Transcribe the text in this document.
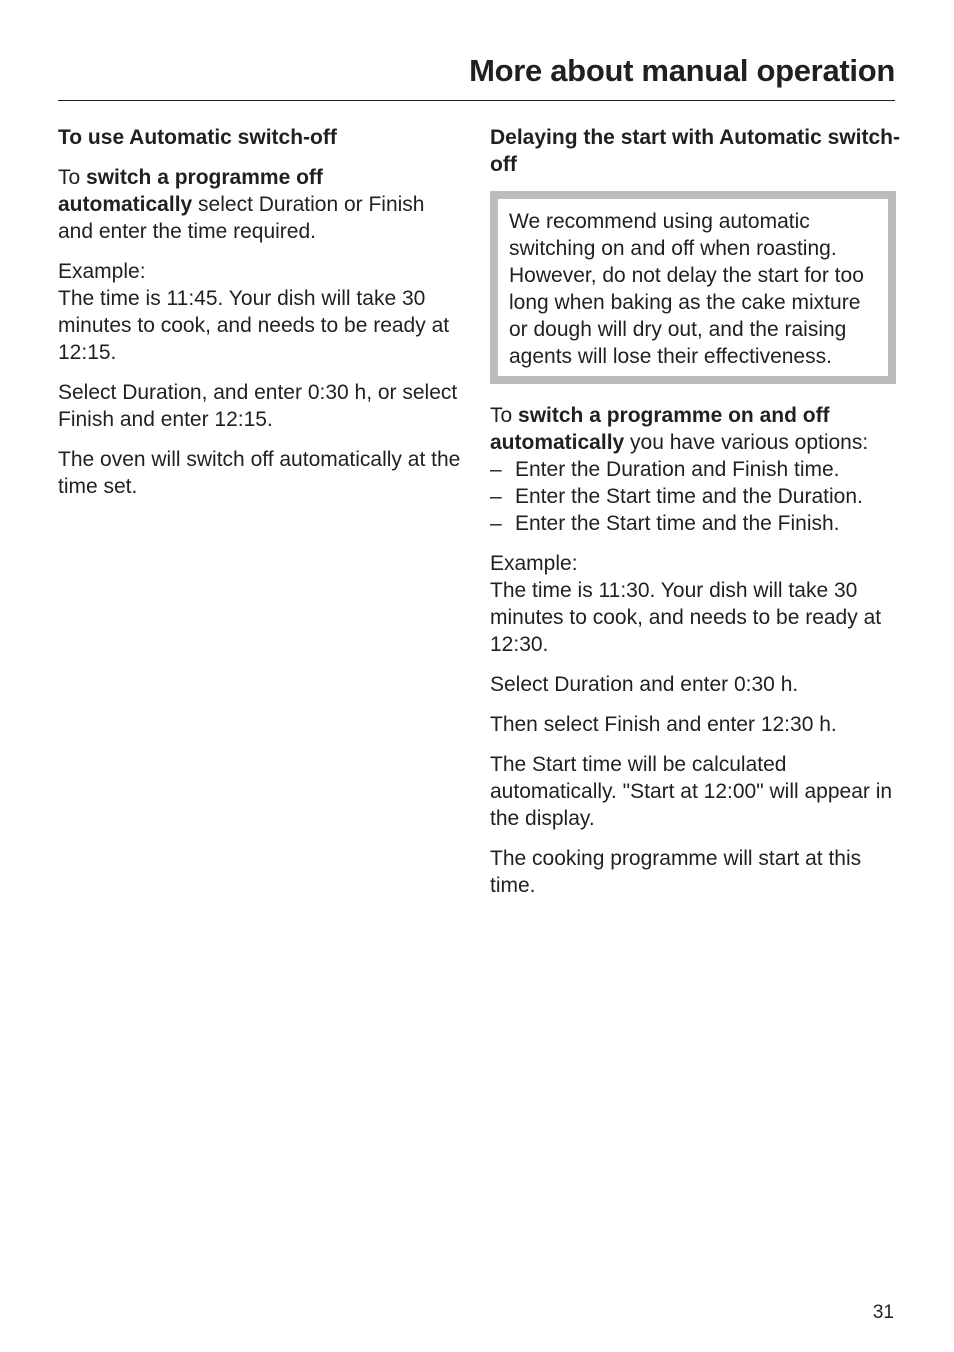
More about manual operation
To use Automatic switch-off

To switch a programme off automatically select Duration or Finish and enter the time required.

Example:
The time is 11:45. Your dish will take 30 minutes to cook, and needs to be ready at 12:15.

Select Duration, and enter 0:30 h, or select Finish and enter 12:15.

The oven will switch off automatically at the time set.

Delaying the start with Automatic switch-off

We recommend using automatic switching on and off when roasting. However, do not delay the start for too long when baking as the cake mixture or dough will dry out, and the raising agents will lose their effectiveness.

To switch a programme on and off automatically you have various options:

– Enter the Duration and Finish time.
– Enter the Start time and the Duration.
– Enter the Start time and the Finish.

Example:
The time is 11:30. Your dish will take 30 minutes to cook, and needs to be ready at 12:30.

Select Duration and enter 0:30 h.

Then select Finish and enter 12:30 h.

The Start time will be calculated automatically. "Start at 12:00" will appear in the display.

The cooking programme will start at this time.

31
